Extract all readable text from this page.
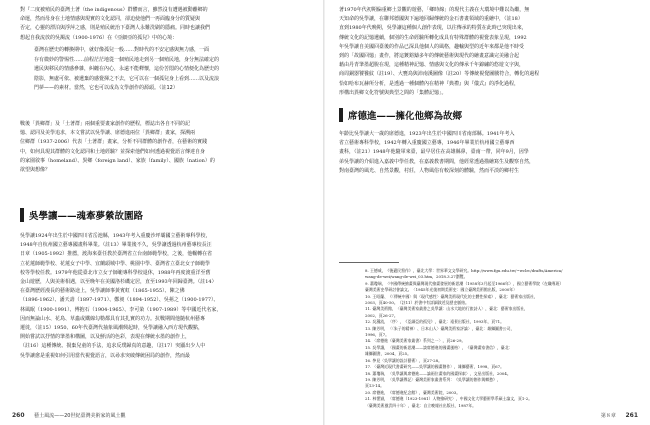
對『二度被殖民的臺灣土著（the indigenous）群體而言，雖然沒有遭遇被動離鄉的
命運，然而母身在土地情感與現實的文化認同，卻迫使他們一再面臨身分的質疑與
否定，心靈的漂泊與浮萍之感，則是殖民統治下臺灣人永難洗刷的隱痛。同時也讓我們
想起自我流放的吳濁流（1900-1976）在《亞細亞的孤兒》中的心境：
臺灣在歷史的轉換期中，就好像孤兒一般……對時代的不安定感與無力感，一面
存有微妙的警惕性……前程茫茫地從一個殖民地走到另一個殖民地，身分無法確定的
遺民與移民的情感參雜，糾纏在內心，永遠不能釋懷，這份苦悶的心情便化為歷史的
陰影，無處可依、被遺棄的感覺揮之不去，它可以在一個孤兒身上看到……以及流浪
門夢——的素材。當然，它也可以成為文學創作的源頭。（註12）
戰後「異鄉群」及「土著群」兩個重要畫家創作的歷程，標誌出各自不同的記
憶、認同及美學追求，本文嘗試以吳學讓、席德進兩位「異鄉群」畫家，探溯兩
位鄉群（1937-2006）代表「土著群」畫家，分析不同群體的創作者，在藝術的實踐
中，如何具現其群體的文化認同和土地經驗？並探索他們如何透過視覺語言傳達自身
的家園敘事（homeland）、異鄉（foreign land）、家族（family）、國族（nation）的
欲望與想像？
吳學讓——魂牽夢縈故園路
吳學讓1924年出生於中國四川省岳池縣，1943年考入重慶沙坪壩國立藝術專科學校，
1948年自杭州國立藝專國畫科畢業。（註13）畢業後不久，吳學讓透過杭州藝專校長汪
日章（1905-1992）推薦，渡海來臺任教於臺灣省立台南師範學校，之後，他輾轉在省
立花蓮師範學校、花蓮女子中學、宜蘭頭城中學、桃園中學、臺灣省立臺北女子師範學
校等學校任教。1979年他從臺北市立女子師範專科學校退休，1988年再度渡重洋至舊
金山遊歷，人與美術相遇，以至晚年在美國洛杉磯定居，直至1993年回歸臺灣。（註14）
在臺灣歷經漫長的藝術路途上，吳學讓師事黃賓虹（1865-1955）、陳之佛
（1896-1962）、潘天壽（1897-1971）、鄭昶（1894-1952）、吳茀之（1900-1977）、
林風眠（1900-1991）、傅抱石（1904-1965）、李可染（1907-1989）等中國近代名家，
因而無論山水、花鳥、草蟲或鐵線勾勒都具有其扎實的功力。抗戰期間他隨杭州藝專
遷徙，（註15）1950、60年代臺灣代抽象風潮興起時，吳學讓融入西方現代觀點，
開始嘗試以抒情的筆墨和構圖，以及鮮活的色彩，表現在傳統水墨的創作上，
（註16）這種傳統、揚棄兒童的手法，追求反璞歸真的意趣，（註17）突顯出少人中
吳學讓愈是重視如何引用當代視覺語言，以尋求突破傳統困局的創作，然而最
260 藝土風流——20世紀臺灣美術家的風土觀
著1970年代初期偏重鄉土景觀的遊藝，「鄉時線」的現代主義在大環境中難以為繼，無
天知命的吳學讓，在聯邦德國與下遍地回歸傳統的金石書畫領域的重繪中，（註18）
直到1980年代晚期，吳學讓這種個人創作表現，以往傳承的特質在此時已突現出來，
傳統文化的記憶遺續，個別的生命經驗所轉化成具有特殊群體的視覺表象呈現，1992
年吳學讓自美國回臺後的作品已深具他個人的風格，趣輸與型的近年來都是他不時受
到的「故國回憶」畫作，將這鍍鎔鑄多年的傳統藝術與現代的繪畫意識完美融合起
藉由丹青筆墨超脫在現，這種精神記憶、情感與文化的傳承千年錦繡的悠遊文字與，
商周銅器饕餮紋（註19）、大甕鳥與沛南溪圖像（註20）等傳統視覺圖騰符合，轉化的過程
恰如哈布瓦赫所分析，是透過一種個體內在精神『典禮』與『儀式』的淨化過程，
形構出異鄉文化符號與典型之間的「集體記憶」。
席德進——擁化他鄉為故鄉
年齡比吳學讓大一歲的席德進，1923年出生於中國四川省南部縣。1941年考入
省立藝術專科學校，1942年轉入重慶國立藝專，1946年畢業於杭州國立藝專西
畫科，（註21）1948年他隨軍來臺，最早居住在高雄縣鼻，臺南一帶，同年9月，因學
弟吳學讓的介紹進入嘉義中學任教，在嘉義教書期間，他經常透過描繪寫生及觀察自然，
對南臺灣的風光、自然景觀，村莊，人物風俗有較深刻的體驗，然而平淡的鄉村生
8. 王德威，《後遺民寫作》，臺北大學：世界華文文學研究。http://www.fgu.edu.tw/~wclrc/drafts/America/
wang-de-wei/wang-de-wei_03.htm，2018.3.27瀏覽。
9. 蕭瓊瑞，〈中國傳統繪畫與臺灣現代繪畫發展的新思潮（1958年3月起至1966年），國立藝術學院（在職專班）
臺灣美術史學研討會論文。〈1945年光復初期美術史：國立臺灣美術館出版，2000年〉
10. 王昭蘭、《〈傳統中國〉與〈現代感性〉臺灣美術現代化的主體性探索》，臺北：藝術家出版社，
2003，頁40-50。（註11）於書中有詳細敘述及歷史脈絡。
11. 臺灣美術館，〈臺灣美術家叢書之吳學讓：山水大地的行旅詩人〉，臺北：藝術家出版社，
2002，頁26-27。
12. 吳濁流，〈序〉，《亞細亞的孤兒》，臺北：遠景出版社，1993年，頁71。
13. 陳芳明，〈〈朱子的精神〉、日本山人〉臺灣美術家評論〉，臺北：雄獅圖書公司，
1996，頁7。
14. 〈席德進（臺灣美術家叢書）系列之一〉，頁26-29。
15. 吳學讓，〈國畫的新思潮——談席德進的國畫風格〉，《臺灣畫家書信》，臺北：
雄獅圖書，2004，頁25。
16. 參見〈吳學讓的設計藝術〉，頁27-28。
17. 〈臺灣近現代書畫研究——吳學讓的國畫創作〉，雄獅藝術，1998，頁67。
18. 蕭瓊瑞，〈吳學讓與席德進——論兩位畫家的國畫探索〉，文星出版社，2004。
19. 陳芳明，〈吳學讓傳記〉臺灣美術家叢書系列：《吳學讓的創作與鄉愁》，
頁13-14。
20. 席德進，《席德進紀念館》，臺灣美術院，2003。
21. 林惺嶽，〈席德進（1923-1981）人物繪研究〉，中國文化大學藝術學系碩士論文，頁1-2。
〈臺灣美術風雲四十年〉，臺北：自立晚報社出版社，1987年。
第８章 261
